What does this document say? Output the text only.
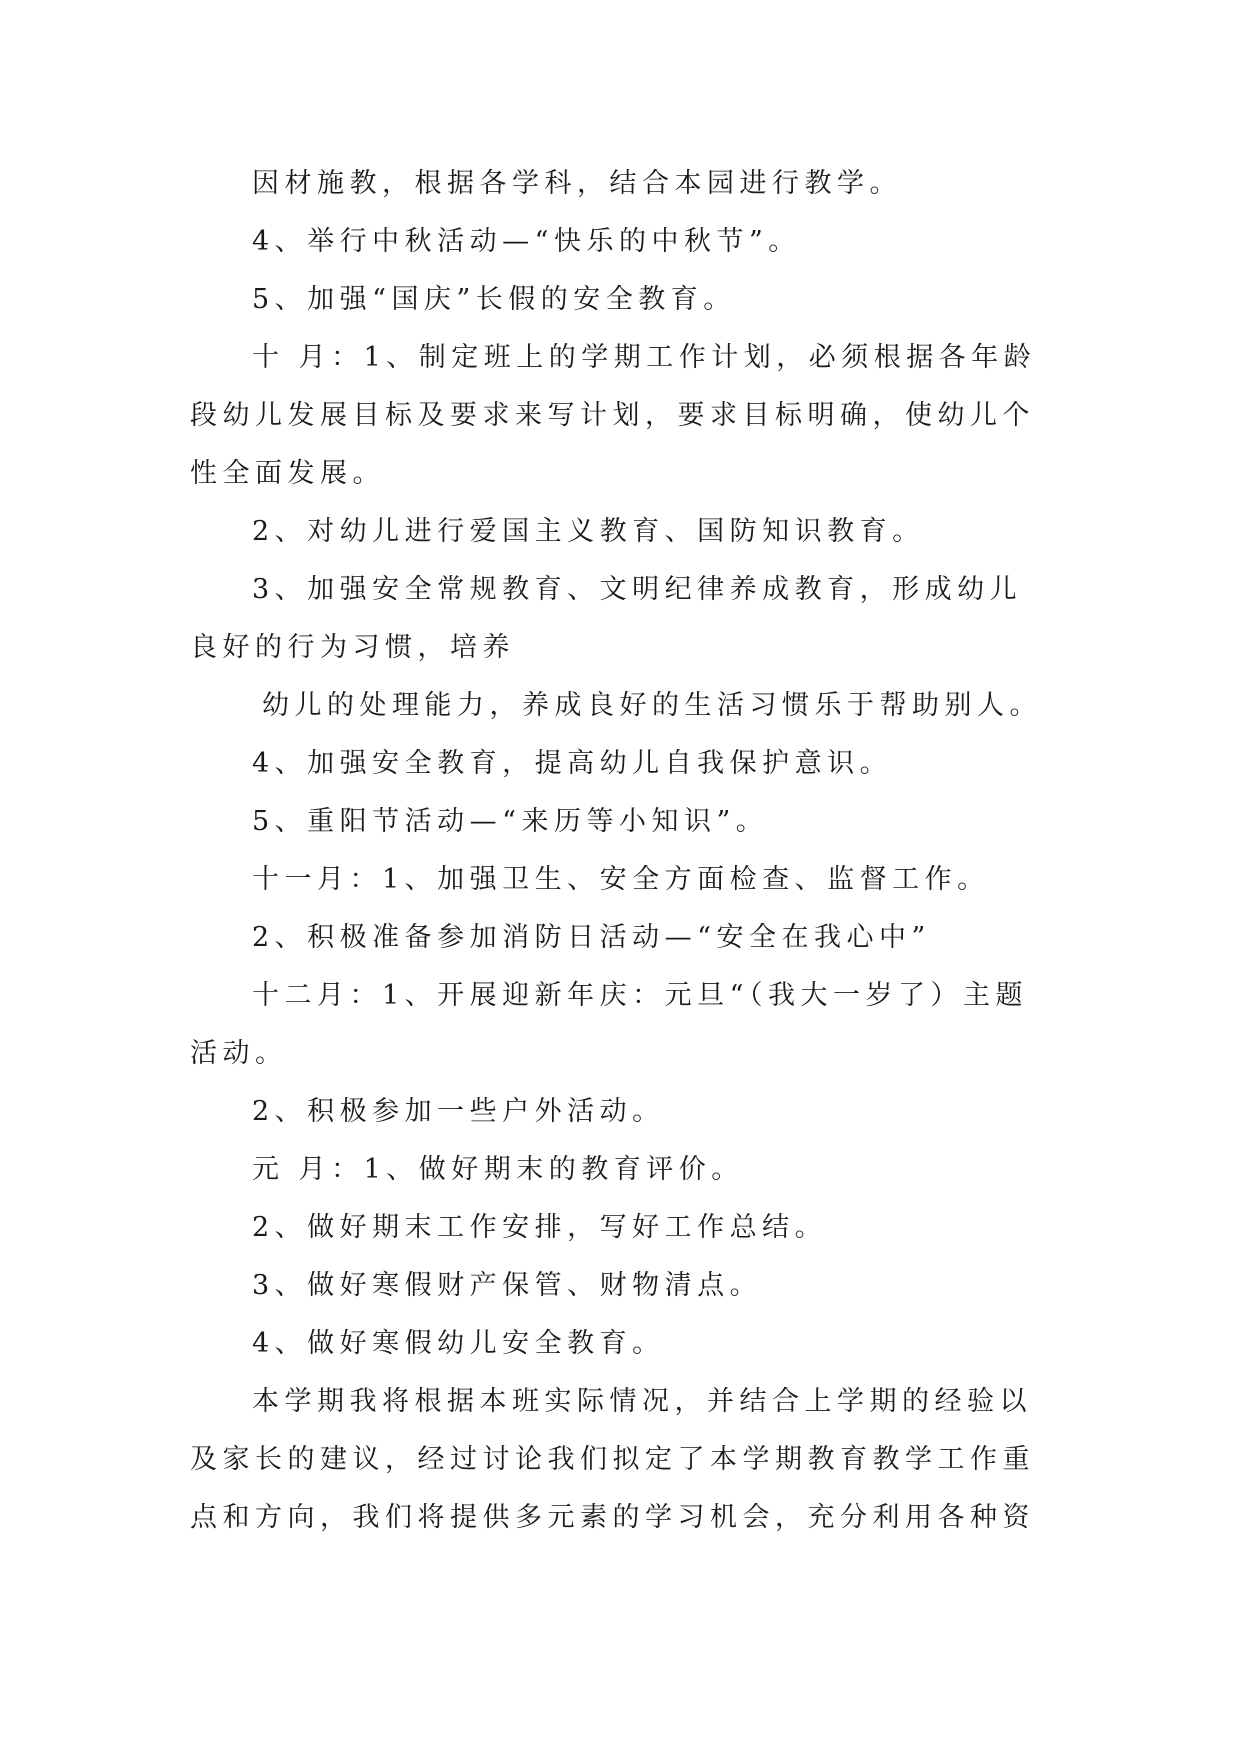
因材施教，根据各学科，结合本园进行教学。

4、举行中秋活动—“快乐的中秋节”。

5、加强“国庆”长假的安全教育。

十 月：1、制定班上的学期工作计划，必须根据各年龄

段幼儿发展目标及要求来写计划，要求目标明确，使幼儿个

性全面发展。

2、对幼儿进行爱国主义教育、国防知识教育。

3、加强安全常规教育、文明纪律养成教育，形成幼儿

良好的行为习惯，培养

幼儿的处理能力，养成良好的生活习惯乐于帮助别人。

4、加强安全教育，提高幼儿自我保护意识。

5、重阳节活动—“来历等小知识”。

十一月：1、加强卫生、安全方面检查、监督工作。

2、积极准备参加消防日活动—“安全在我心中”

十二月：1、开展迎新年庆：元旦“（我大一岁了）主题

活动。

2、积极参加一些户外活动。

元 月：1、做好期末的教育评价。

2、做好期末工作安排，写好工作总结。

3、做好寒假财产保管、财物清点。

4、做好寒假幼儿安全教育。

本学期我将根据本班实际情况，并结合上学期的经验以

及家长的建议，经过讨论我们拟定了本学期教育教学工作重

点和方向，我们将提供多元素的学习机会，充分利用各种资
